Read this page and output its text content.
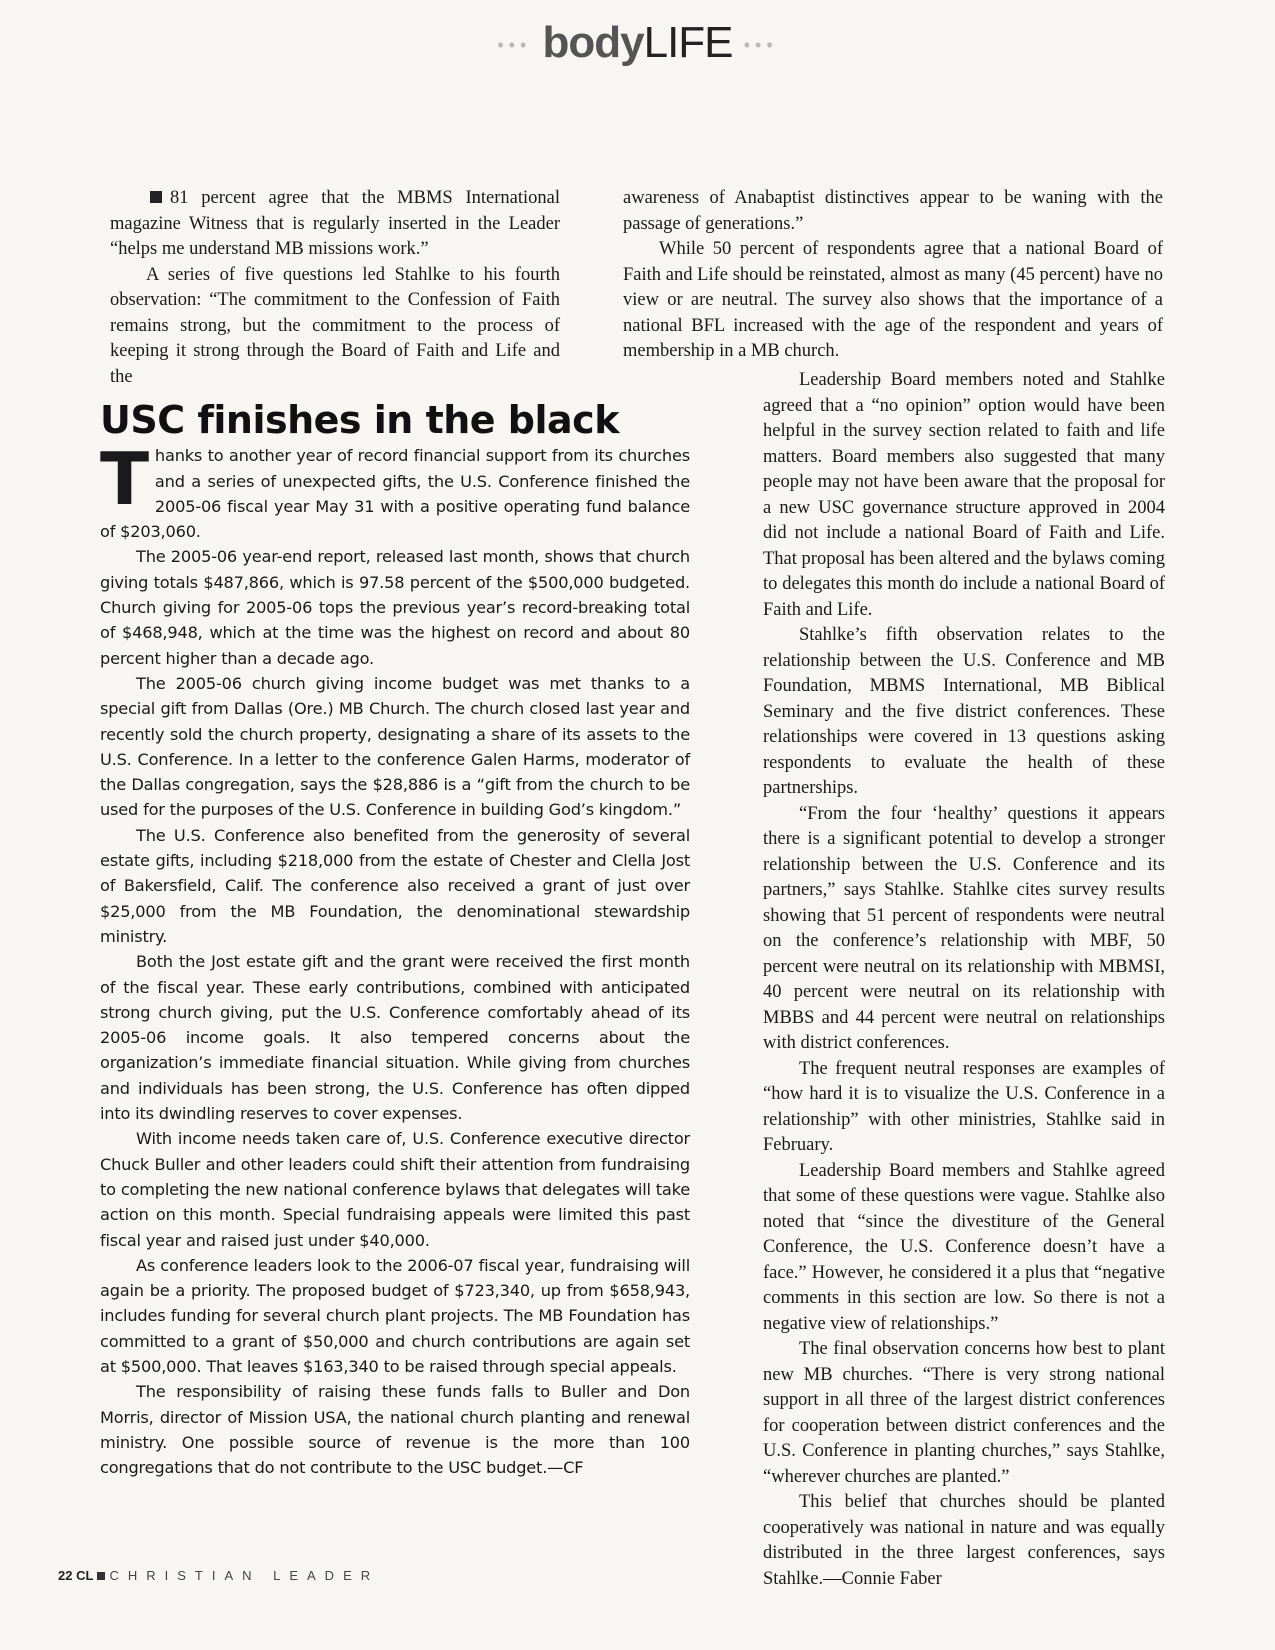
••• bodyLIFE •••

81 percent agree that the MBMS International magazine Witness that is regularly inserted in the Leader “helps me understand MB missions work.”

A series of five questions led Stahlke to his fourth observation: “The commitment to the Confession of Faith remains strong, but the commitment to the process of keeping it strong through the Board of Faith and Life and the

awareness of Anabaptist distinctives appear to be waning with the passage of generations.”

While 50 percent of respondents agree that a national Board of Faith and Life should be reinstated, almost as many (45 percent) have no view or are neutral. The survey also shows that the importance of a national BFL increased with the age of the respondent and years of membership in a MB church.

Leadership Board members noted and Stahlke agreed that a “no opinion” option would have been helpful in the survey section related to faith and life matters. Board members also suggested that many people may not have been aware that the proposal for a new USC governance structure approved in 2004 did not include a national Board of Faith and Life. That proposal has been altered and the bylaws coming to delegates this month do include a national Board of Faith and Life.

Stahlke’s fifth observation relates to the relationship between the U.S. Conference and MB Foundation, MBMS International, MB Biblical Seminary and the five district conferences. These relationships were covered in 13 questions asking respondents to evaluate the health of these partnerships.

“From the four ‘healthy’ questions it appears there is a significant potential to develop a stronger relationship between the U.S. Conference and its partners,” says Stahlke. Stahlke cites survey results showing that 51 percent of respondents were neutral on the conference’s relationship with MBF, 50 percent were neutral on its relationship with MBMSI, 40 percent were neutral on its relationship with MBBS and 44 percent were neutral on relationships with district conferences.

The frequent neutral responses are examples of “how hard it is to visualize the U.S. Conference in a relationship” with other ministries, Stahlke said in February.

Leadership Board members and Stahlke agreed that some of these questions were vague. Stahlke also noted that “since the divestiture of the General Conference, the U.S. Conference doesn’t have a face.” However, he considered it a plus that “negative comments in this section are low. So there is not a negative view of relationships.”

The final observation concerns how best to plant new MB churches. “There is very strong national support in all three of the largest district conferences for cooperation between district conferences and the U.S. Conference in planting churches,” says Stahlke, “wherever churches are planted.”

This belief that churches should be planted cooperatively was national in nature and was equally distributed in the three largest conferences, says Stahlke.—Connie Faber

USC finishes in the black

Thanks to another year of record financial support from its churches and a series of unexpected gifts, the U.S. Conference finished the 2005-06 fiscal year May 31 with a positive operating fund balance of $203,060.

The 2005-06 year-end report, released last month, shows that church giving totals $487,866, which is 97.58 percent of the $500,000 budgeted. Church giving for 2005-06 tops the previous year’s record-breaking total of $468,948, which at the time was the highest on record and about 80 percent higher than a decade ago.

The 2005-06 church giving income budget was met thanks to a special gift from Dallas (Ore.) MB Church. The church closed last year and recently sold the church property, designating a share of its assets to the U.S. Conference. In a letter to the conference Galen Harms, moderator of the Dallas congregation, says the $28,886 is a “gift from the church to be used for the purposes of the U.S. Conference in building God’s kingdom.”

The U.S. Conference also benefited from the generosity of several estate gifts, including $218,000 from the estate of Chester and Clella Jost of Bakersfield, Calif. The conference also received a grant of just over $25,000 from the MB Foundation, the denominational stewardship ministry.

Both the Jost estate gift and the grant were received the first month of the fiscal year. These early contributions, combined with anticipated strong church giving, put the U.S. Conference comfortably ahead of its 2005-06 income goals. It also tempered concerns about the organization’s immediate financial situation. While giving from churches and individuals has been strong, the U.S. Conference has often dipped into its dwindling reserves to cover expenses.

With income needs taken care of, U.S. Conference executive director Chuck Buller and other leaders could shift their attention from fundraising to completing the new national conference bylaws that delegates will take action on this month. Special fundraising appeals were limited this past fiscal year and raised just under $40,000.

As conference leaders look to the 2006-07 fiscal year, fundraising will again be a priority. The proposed budget of $723,340, up from $658,943, includes funding for several church plant projects. The MB Foundation has committed to a grant of $50,000 and church contributions are again set at $500,000. That leaves $163,340 to be raised through special appeals.

The responsibility of raising these funds falls to Buller and Don Morris, director of Mission USA, the national church planting and renewal ministry. One possible source of revenue is the more than 100 congregations that do not contribute to the USC budget.—CF

22 CL CHRISTIAN LEADER
